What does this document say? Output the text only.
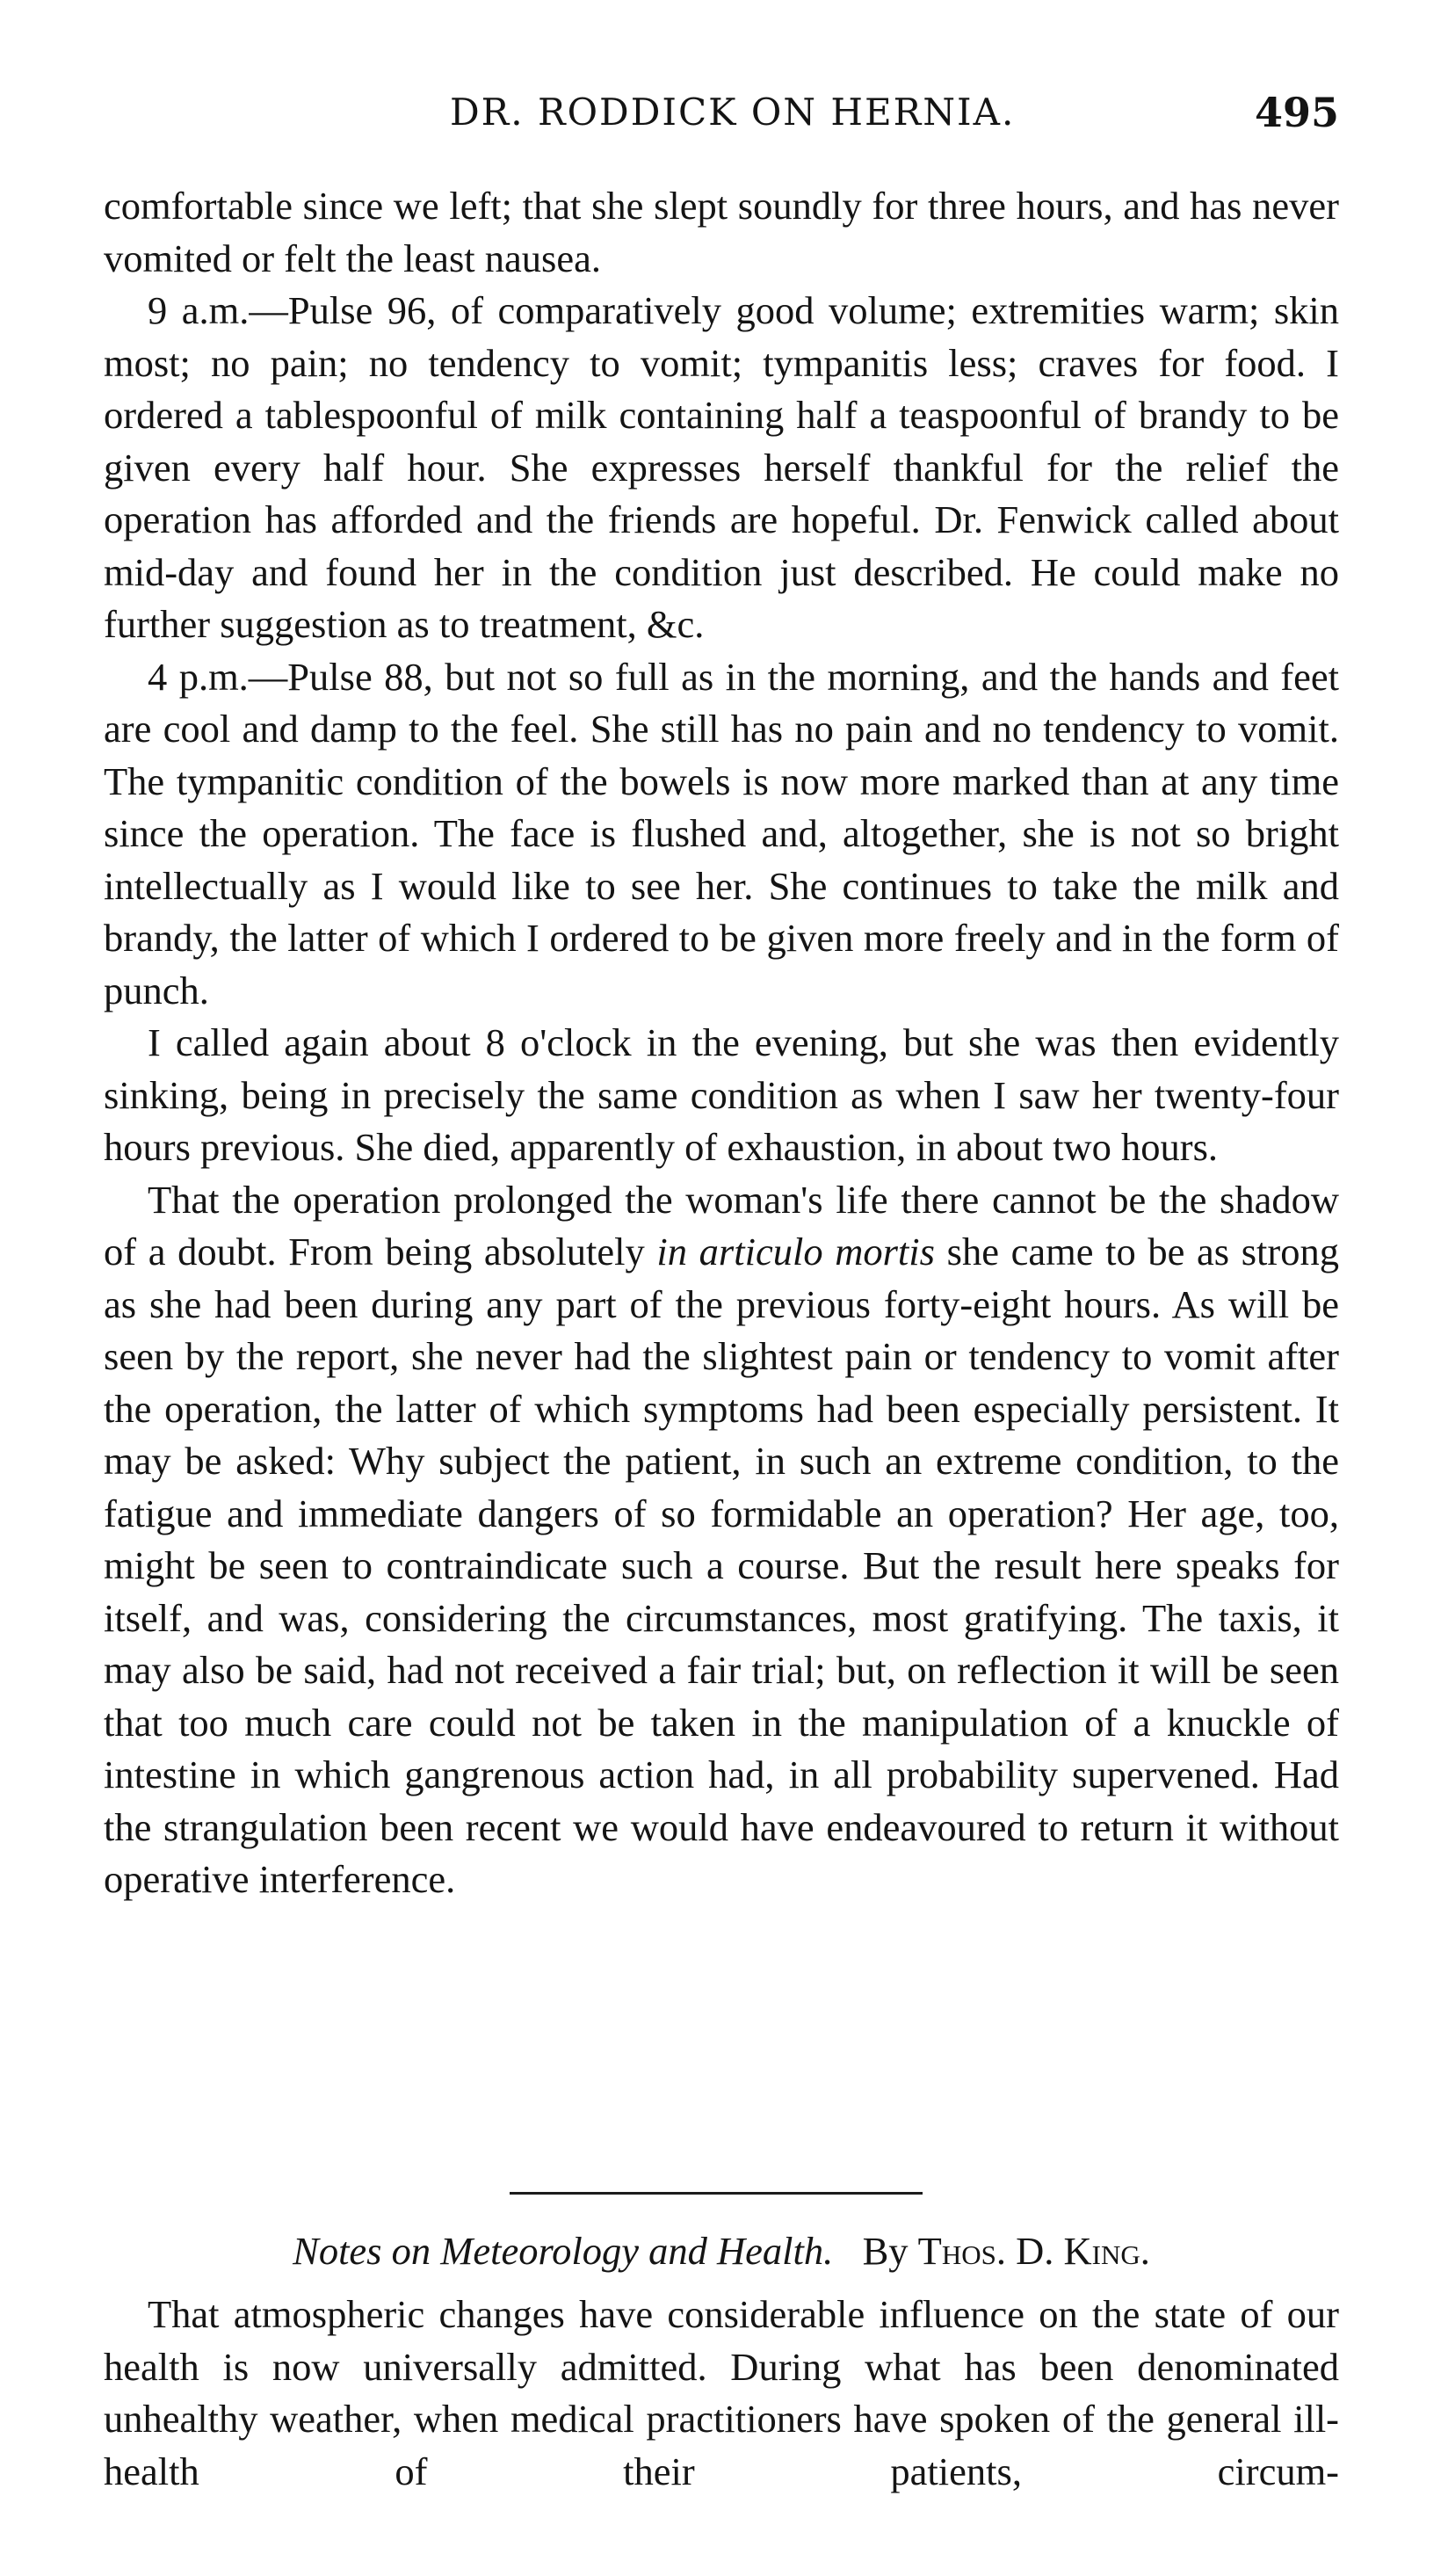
DR. RODDICK ON HERNIA.	495

comfortable since we left; that she slept soundly for three hours, and has never vomited or felt the least nausea.

9 a.m.—Pulse 96, of comparatively good volume; extremities warm; skin most; no pain; no tendency to vomit; tympanitis less; craves for food. I ordered a tablespoonful of milk containing half a teaspoonful of brandy to be given every half hour. She expresses herself thankful for the relief the operation has afforded and the friends are hopeful. Dr. Fenwick called about mid-day and found her in the condition just described. He could make no further suggestion as to treatment, &c.

4 p.m.—Pulse 88, but not so full as in the morning, and the hands and feet are cool and damp to the feel. She still has no pain and no tendency to vomit. The tympanitic condition of the bowels is now more marked than at any time since the operation. The face is flushed and, altogether, she is not so bright intellectually as I would like to see her. She continues to take the milk and brandy, the latter of which I ordered to be given more freely and in the form of punch.

I called again about 8 o'clock in the evening, but she was then evidently sinking, being in precisely the same condition as when I saw her twenty-four hours previous. She died, apparently of exhaustion, in about two hours.

That the operation prolonged the woman's life there cannot be the shadow of a doubt. From being absolutely in articulo mortis she came to be as strong as she had been during any part of the previous forty-eight hours. As will be seen by the report, she never had the slightest pain or tendency to vomit after the operation, the latter of which symptoms had been especially persistent. It may be asked: Why subject the patient, in such an extreme condition, to the fatigue and immediate dangers of so formidable an operation? Her age, too, might be seen to contraindicate such a course. But the result here speaks for itself, and was, considering the circumstances, most gratifying. The taxis, it may also be said, had not received a fair trial; but, on reflection it will be seen that too much care could not be taken in the manipulation of a knuckle of intestine in which gangrenous action had, in all probability supervened. Had the strangulation been recent we would have endeavoured to return it without operative interference.

Notes on Meteorology and Health. By Thos. D. King.

That atmospheric changes have considerable influence on the state of our health is now universally admitted. During what has been denominated unhealthy weather, when medical practitioners have spoken of the general ill-health of their patients, circum-
